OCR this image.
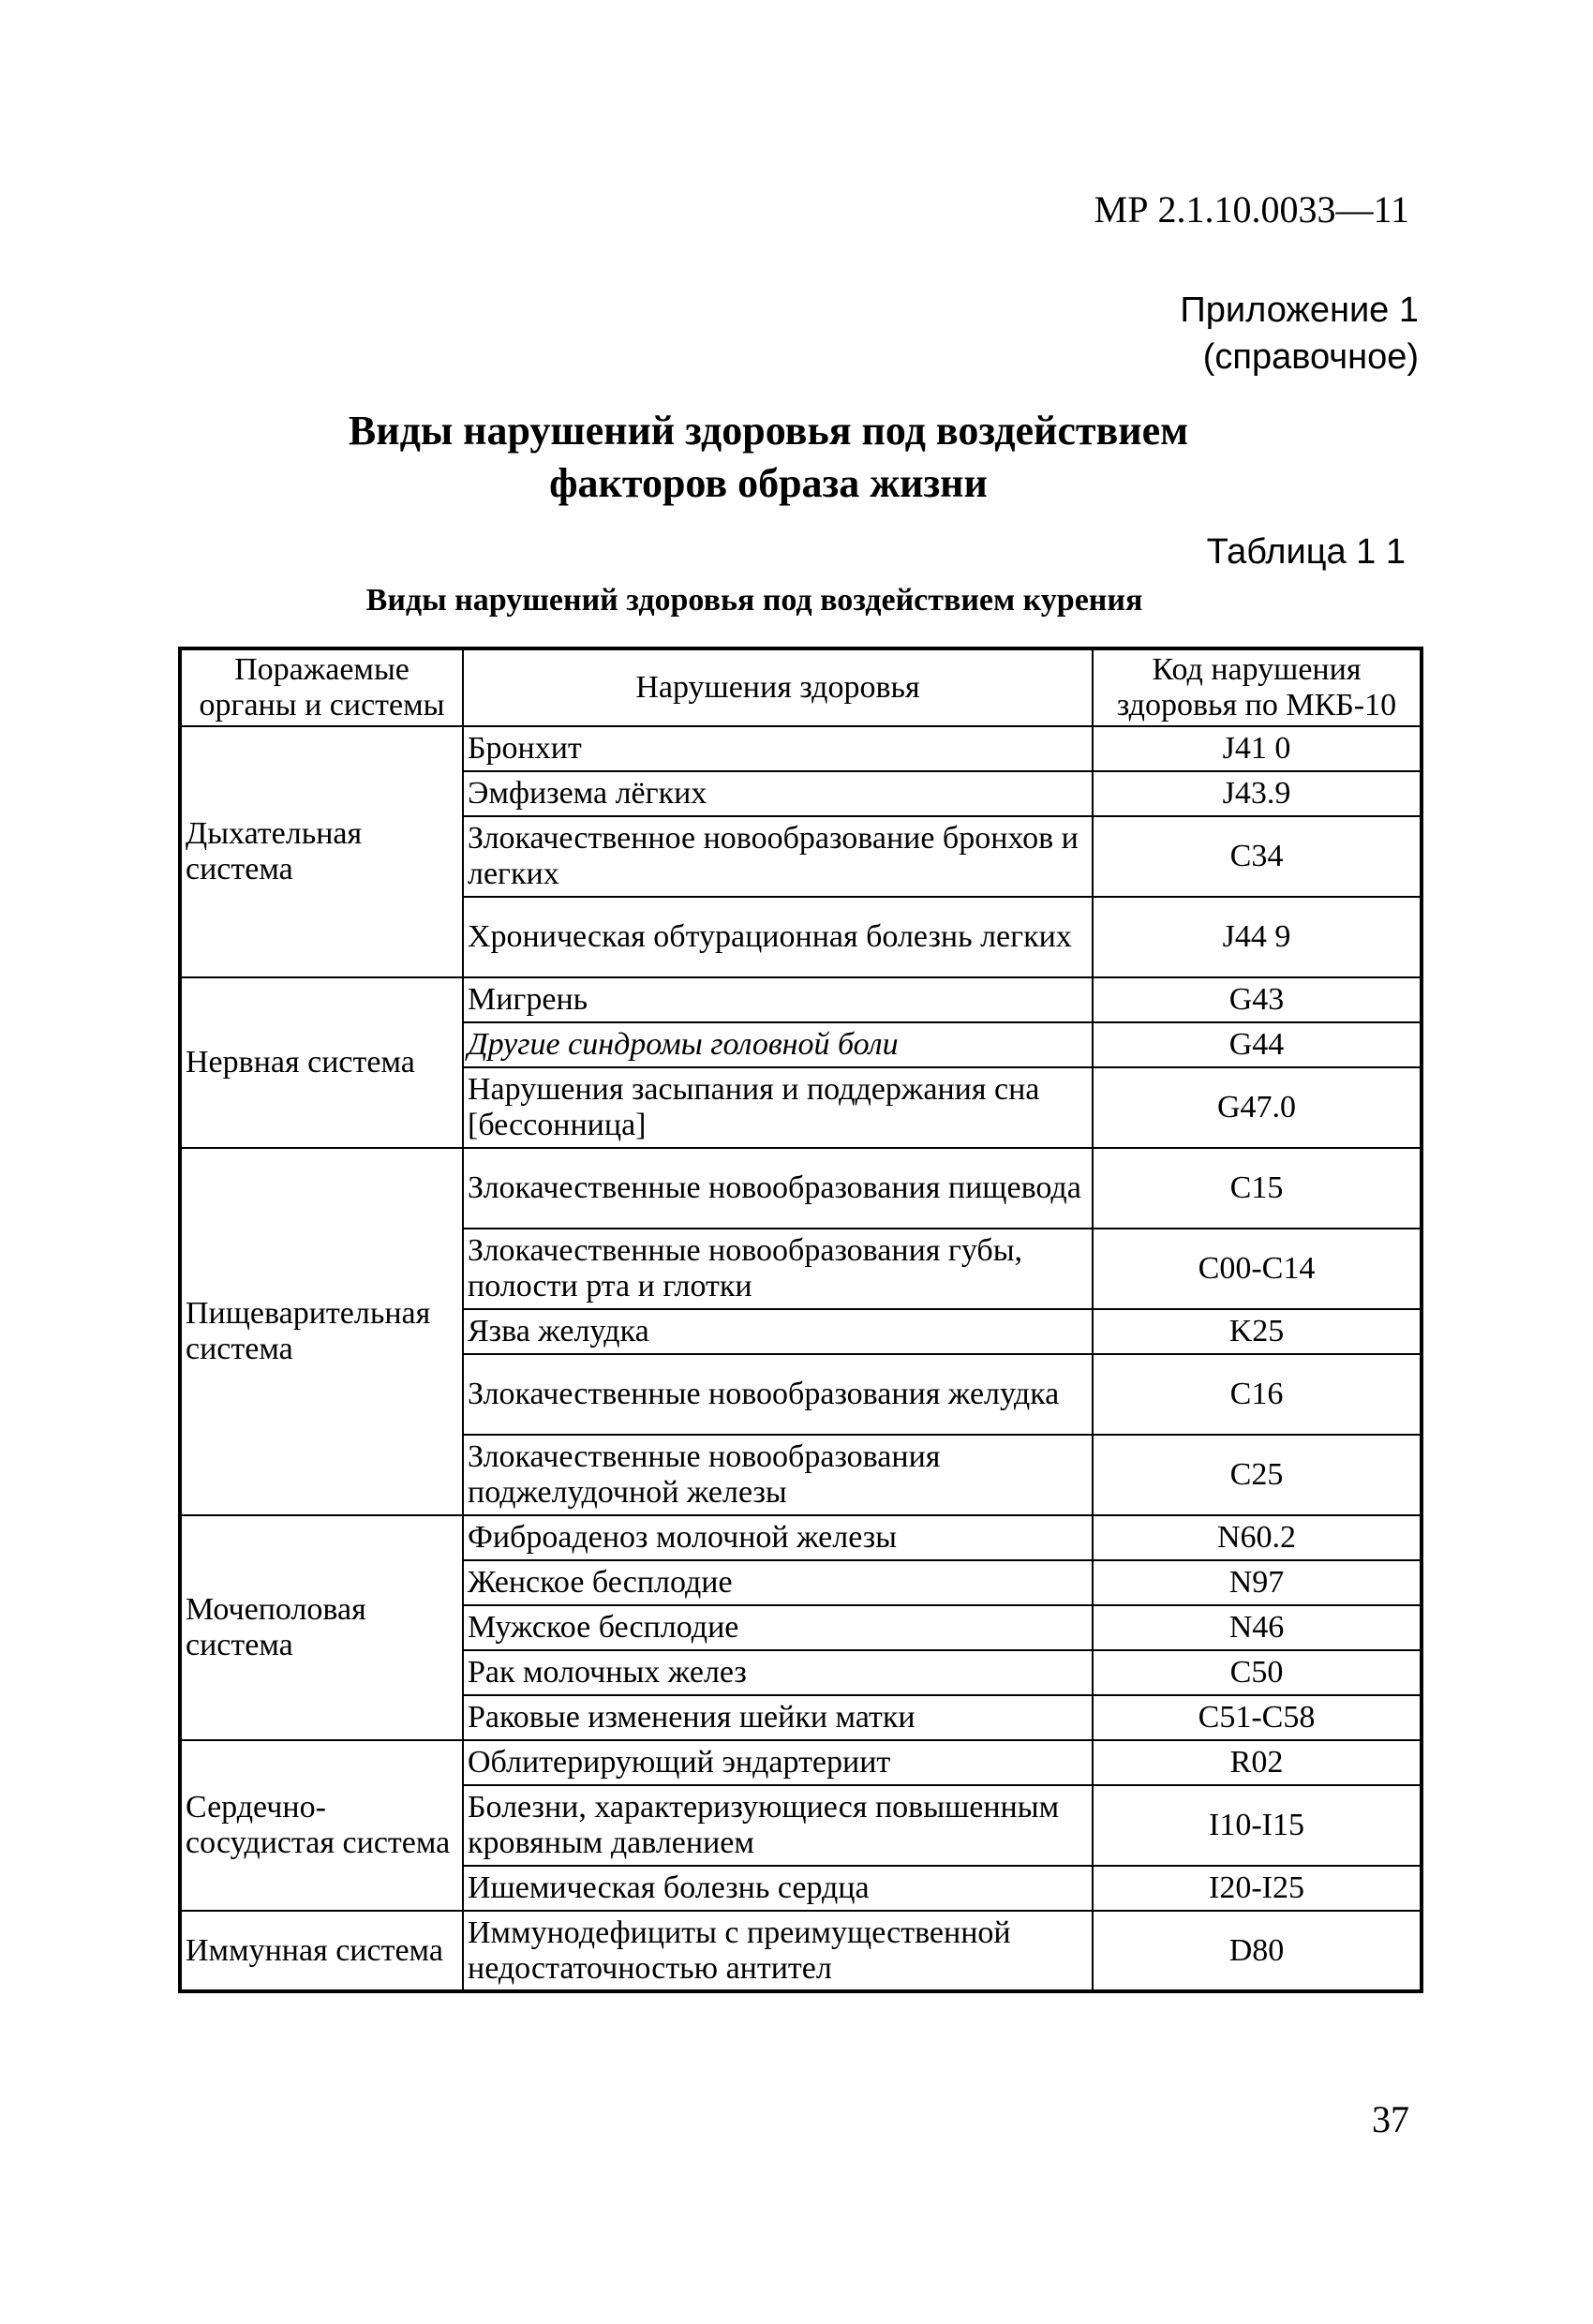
МР 2.1.10.0033—11
Приложение 1
(справочное)
Виды нарушений здоровья под воздействием
факторов образа жизни
Таблица 1 1
Виды нарушений здоровья под воздействием курения
Поражаемые органы и системы	Нарушения здоровья	Код нарушения здоровья по МКБ-10
Дыхательная система	Бронхит	J41 0
	Эмфизема лёгких	J43.9
	Злокачественное новообразование бронхов и легких	C34
	Хроническая обтурационная болезнь легких	J44 9
Нервная система	Мигрень	G43
	Другие синдромы головной боли	G44
	Нарушения засыпания и поддержания сна [бессонница]	G47.0
Пищеварительная система	Злокачественные новообразования пищевода	C15
	Злокачественные новообразования губы, полости рта и глотки	C00-C14
	Язва желудка	K25
	Злокачественные новообразования желудка	C16
	Злокачественные новообразования поджелудочной железы	C25
Мочеполовая система	Фиброаденоз молочной железы	N60.2
	Женское бесплодие	N97
	Мужское бесплодие	N46
	Рак молочных желез	C50
	Раковые изменения шейки матки	C51-C58
Сердечно-сосудистая система	Облитерирующий эндартериит	R02
	Болезни, характеризующиеся повышенным кровяным давлением	I10-I15
	Ишемическая болезнь сердца	I20-I25
Иммунная система	Иммунодефициты с преимущественной недостаточностью антител	D80
37
